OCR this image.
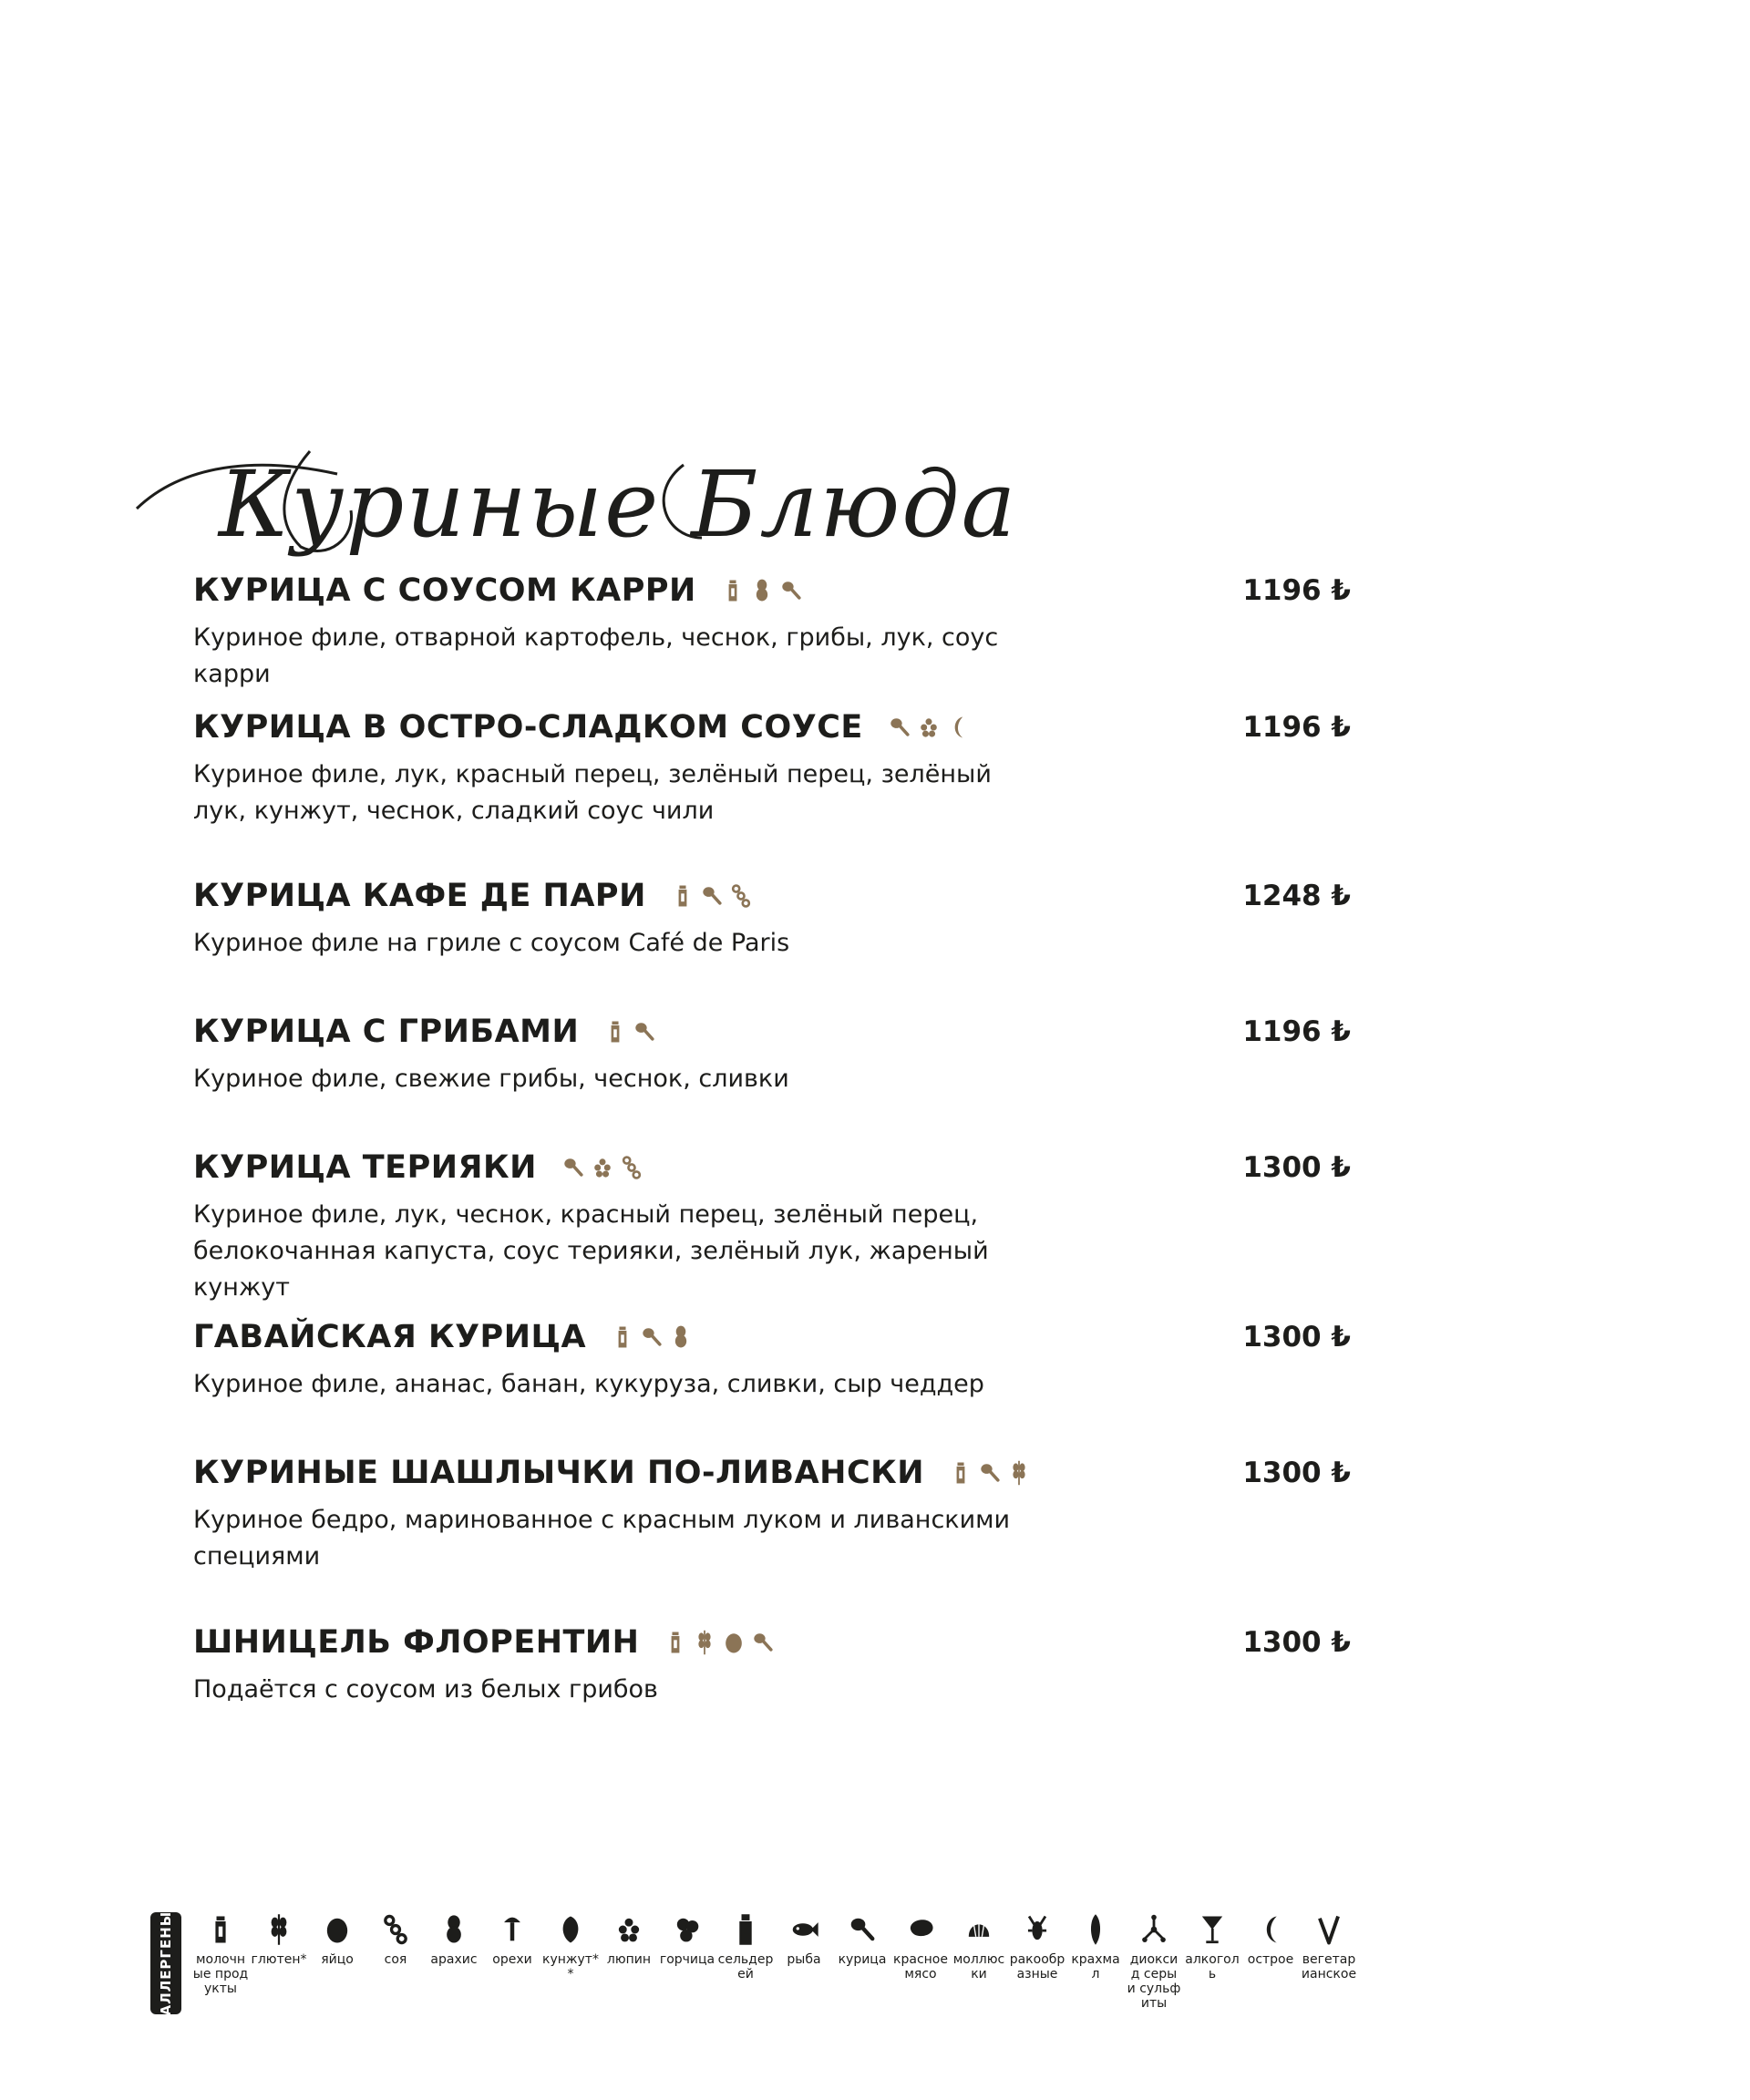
Куриные Блюда
КУРИЦА С СОУСОМ КАРРИ	1196 ₺
Куриное филе, отварной картофель, чеснок, грибы, лук, соус карри
КУРИЦА В ОСТРО-СЛАДКОМ СОУСЕ	1196 ₺
Куриное филе, лук, красный перец, зелёный перец, зелёный лук, кунжут, чеснок, сладкий соус чили
КУРИЦА КАФЕ ДЕ ПАРИ	1248 ₺
Куриное филе на гриле с соусом Café de Paris
КУРИЦА С ГРИБАМИ	1196 ₺
Куриное филе, свежие грибы, чеснок, сливки
КУРИЦА ТЕРИЯКИ	1300 ₺
Куриное филе, лук, чеснок, красный перец, зелёный перец, белокочанная капуста, соус терияки, зелёный лук, жареный кунжут
ГАВАЙСКАЯ КУРИЦА	1300 ₺
Куриное филе, ананас, банан, кукуруза, сливки, сыр чеддер
КУРИНЫЕ ШАШЛЫЧКИ ПО-ЛИВАНСКИ	1300 ₺
Куриное бедро, маринованное с красным луком и ливанскими специями
ШНИЦЕЛЬ ФЛОРЕНТИН	1300 ₺
Подаётся с соусом из белых грибов
АЛЛЕРГЕНЫ молочные продукты
глютен*	яйцо	соя	арахис	орехи кунжут**
люпин горчица сельдерей
рыба	курица красное мясо
моллюски
ракообразные
крахмал
диоксид серы и сульфиты
алкоголь
острое вегетарианское
